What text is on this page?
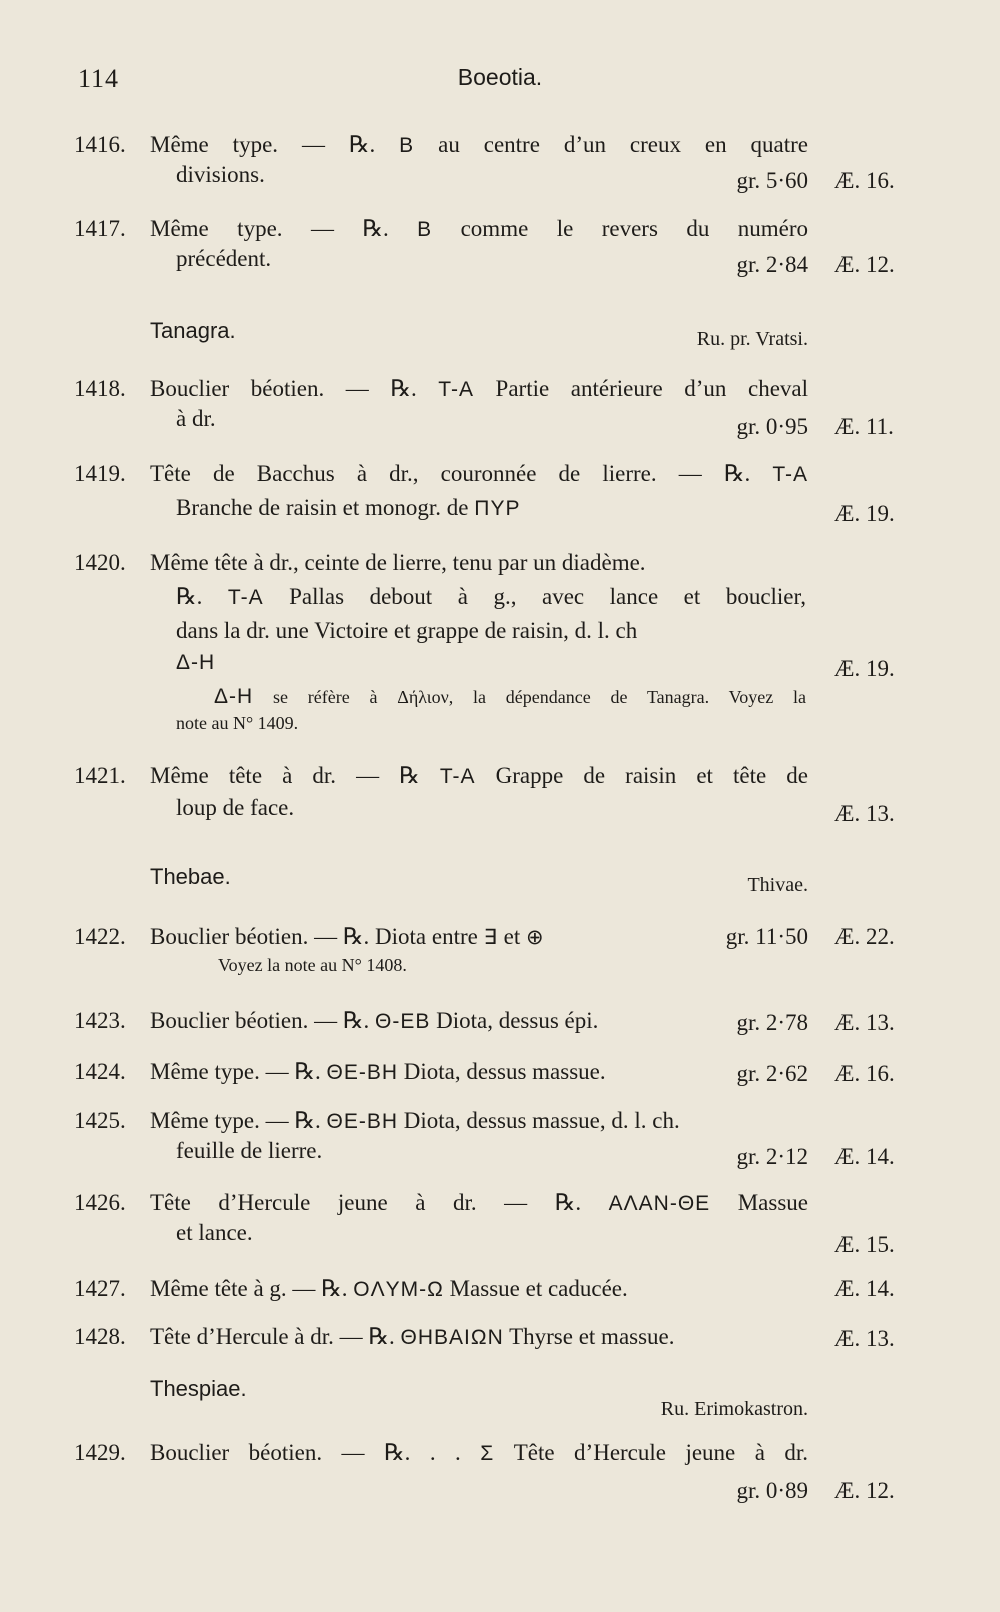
114	Boeotia.
1416. Même type. — ℞. Β au centre d’un creux en quatre
divisions.	gr. 5·60 Æ. 16.
1417. Même type. — ℞. Β comme le revers du numéro
précédent.	gr. 2·84 Æ. 12.
Tanagra.	Ru. pr. Vratsi.
1418. Bouclier béotien. — ℞. T-A Partie antérieure d’un cheval
à dr.	gr. 0·95 Æ. 11.
1419. Tête de Bacchus à dr., couronnée de lierre. — ℞. T-A
Branche de raisin et monogr. de ΠΥΡ	Æ. 19.
1420. Même tête à dr., ceinte de lierre, tenu par un diadème.
℞. T-A Pallas debout à g., avec lance et bouclier,
dans la dr. une Victoire et grappe de raisin, d. l. ch
Δ-H	Æ. 19.
Δ-H se réfère à Δήλιον, la dépendance de Tanagra. Voyez la
note au N° 1409.
1421. Même tête à dr. — ℞ T-A Grappe de raisin et tête de
loup de face.	Æ. 13.
Thebae.	Thivae.
1422. Bouclier béotien. — ℞. Diota entre ∃ et ⊕	gr. 11·50 Æ. 22.
Voyez la note au N° 1408.
1423. Bouclier béotien. — ℞. Θ-EB Diota, dessus épi.	gr. 2·78 Æ. 13.
1424. Même type. — ℞. ΘE-BH Diota, dessus massue.	gr. 2·62 Æ. 16.
1425. Même type. — ℞. ΘE-BH Diota, dessus massue, d. l. ch.
feuille de lierre.	gr. 2·12 Æ. 14.
1426. Tête d’Hercule jeune à dr. — ℞. AΛAN-ΘE Massue
et lance.	Æ. 15.
1427. Même tête à g. — ℞. OΛYM-Ω Massue et caducée.	Æ. 14.
1428. Tête d’Hercule à dr. — ℞. ΘHBAIΩN Thyrse et massue.	Æ. 13.
Thespiae.
Ru. Erimokastron.
1429. Bouclier béotien. — ℞. . . Σ Tête d’Hercule jeune à dr.
gr. 0·89 Æ. 12.
